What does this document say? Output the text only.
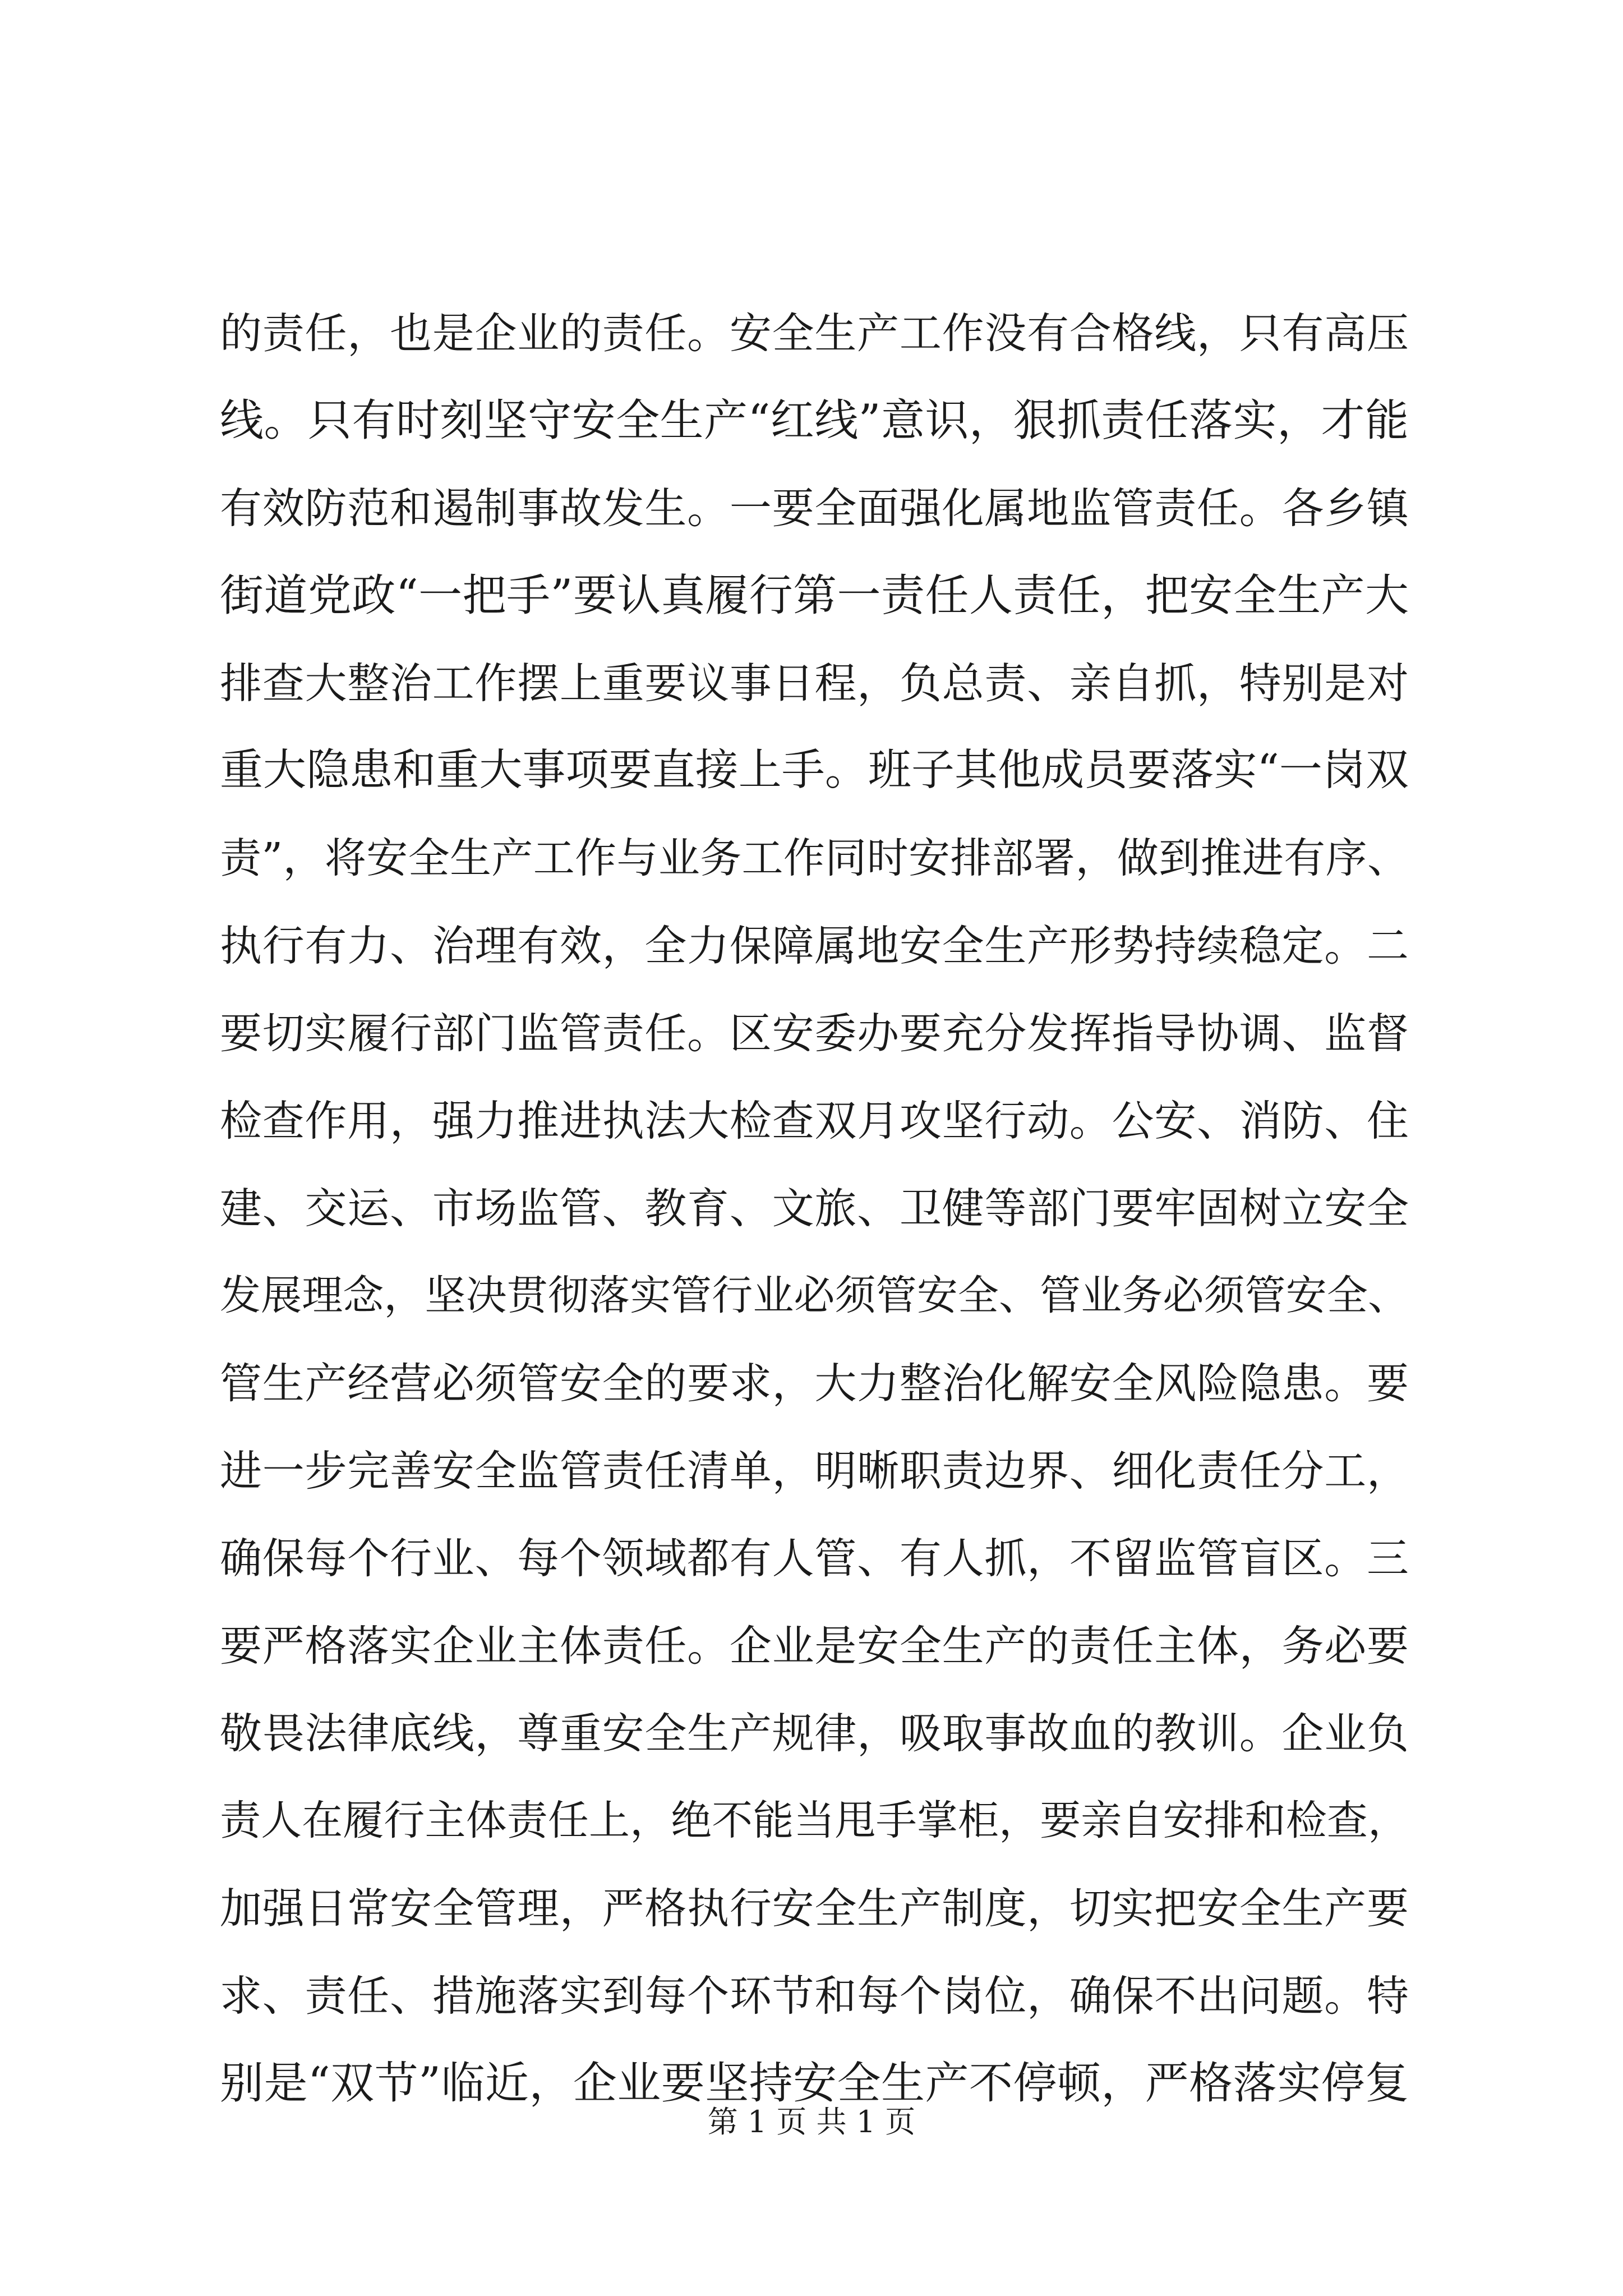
的责任，也是企业的责任。安全生产工作没有合格线，只有高压
线。只有时刻坚守安全生产“红线”意识，狠抓责任落实，才能
有效防范和遏制事故发生。一要全面强化属地监管责任。各乡镇
街道党政“一把手”要认真履行第一责任人责任，把安全生产大
排查大整治工作摆上重要议事日程，负总责、亲自抓，特别是对
重大隐患和重大事项要直接上手。班子其他成员要落实“一岗双
责”，将安全生产工作与业务工作同时安排部署，做到推进有序、
执行有力、治理有效，全力保障属地安全生产形势持续稳定。二
要切实履行部门监管责任。区安委办要充分发挥指导协调、监督
检查作用，强力推进执法大检查双月攻坚行动。公安、消防、住
建、交运、市场监管、教育、文旅、卫健等部门要牢固树立安全
发展理念，坚决贯彻落实管行业必须管安全、管业务必须管安全、
管生产经营必须管安全的要求，大力整治化解安全风险隐患。要
进一步完善安全监管责任清单，明晰职责边界、细化责任分工，
确保每个行业、每个领域都有人管、有人抓，不留监管盲区。三
要严格落实企业主体责任。企业是安全生产的责任主体，务必要
敬畏法律底线，尊重安全生产规律，吸取事故血的教训。企业负
责人在履行主体责任上，绝不能当甩手掌柜，要亲自安排和检查，
加强日常安全管理，严格执行安全生产制度，切实把安全生产要
求、责任、措施落实到每个环节和每个岗位，确保不出问题。特
别是“双节”临近，企业要坚持安全生产不停顿，严格落实停复
第 1 页 共 1 页
